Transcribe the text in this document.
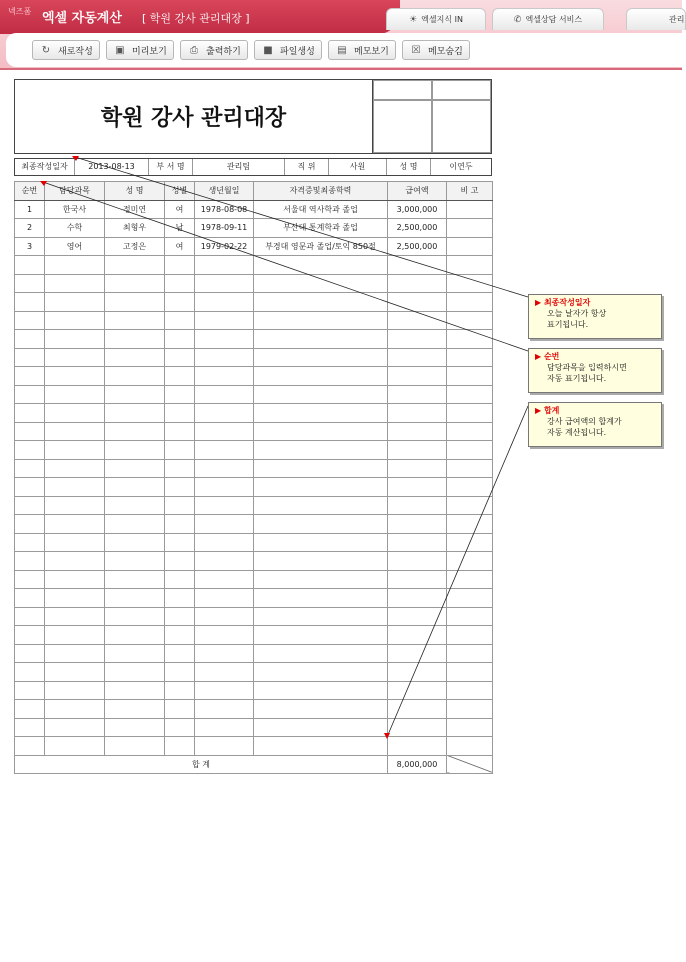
넥즈폼 엑셀 자동계산 [ 학원 강사 관리대장 ]	☀ 엑셀지식 IN	✆ 엑셀상담 서비스	관리
↻ 새로작성 ▣ 미리보기	⎙ 출력하기 ■ 파일생성 ▤ 메모보기 ☒ 메모숨김
학원 강사 관리대장
최종작성일자	2013-08-13	부 서 명	관리팀	직 위	사원	성 명	이연두
순번	담당과목	성 명	성별	생년월일	자격증및최종학력	급여액	비 고
1	한국사	정미연	여	1978-08-08	서울대 역사학과 졸업	3,000,000	
2	수학	최형우	남	1978-09-11	부산대 통계학과 졸업	2,500,000	
3	영어	고정은	여	1979-02-22	부경대 영문과 졸업/토익 850점	2,500,000	

합 계						8,000,000	
▶ 최종작성일자
오늘 날자가 항상
표기됩니다.
▶ 순번
담당과목을 입력하시면
자동 표기됩니다.
▶ 합계
강사 급여액의 합계가
자동 계산됩니다.
